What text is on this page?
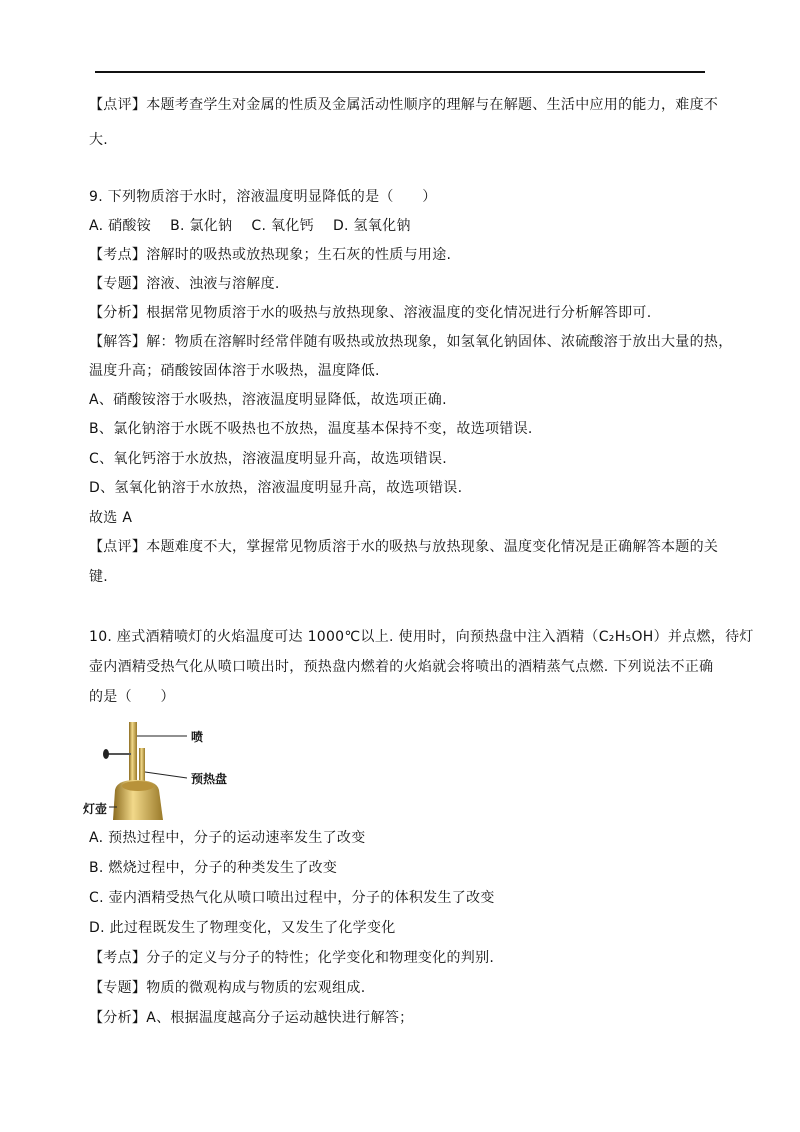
【点评】本题考查学生对金属的性质及金属活动性顺序的理解与在解题、生活中应用的能力，难度不
大.
9. 下列物质溶于水时，溶液温度明显降低的是（　　）
A. 硝酸铵　 B. 氯化钠　 C. 氧化钙　 D. 氢氧化钠
【考点】溶解时的吸热或放热现象；生石灰的性质与用途.
【专题】溶液、浊液与溶解度.
【分析】根据常见物质溶于水的吸热与放热现象、溶液温度的变化情况进行分析解答即可.
【解答】解：物质在溶解时经常伴随有吸热或放热现象，如氢氧化钠固体、浓硫酸溶于放出大量的热，
温度升高；硝酸铵固体溶于水吸热，温度降低.
A、硝酸铵溶于水吸热，溶液温度明显降低，故选项正确.
B、氯化钠溶于水既不吸热也不放热，温度基本保持不变，故选项错误.
C、氧化钙溶于水放热，溶液温度明显升高，故选项错误.
D、氢氧化钠溶于水放热，溶液温度明显升高，故选项错误.
故选 A
【点评】本题难度不大，掌握常见物质溶于水的吸热与放热现象、温度变化情况是正确解答本题的关
键.
10. 座式酒精喷灯的火焰温度可达 1000℃以上. 使用时，向预热盘中注入酒精（C₂H₅OH）并点燃，待灯
壶内酒精受热气化从喷口喷出时，预热盘内燃着的火焰就会将喷出的酒精蒸气点燃. 下列说法不正确
的是（　　）
喷
预热盘
灯壶
A. 预热过程中，分子的运动速率发生了改变
B. 燃烧过程中，分子的种类发生了改变
C. 壶内酒精受热气化从喷口喷出过程中，分子的体积发生了改变
D. 此过程既发生了物理变化，又发生了化学变化
【考点】分子的定义与分子的特性；化学变化和物理变化的判别.
【专题】物质的微观构成与物质的宏观组成.
【分析】A、根据温度越高分子运动越快进行解答；
